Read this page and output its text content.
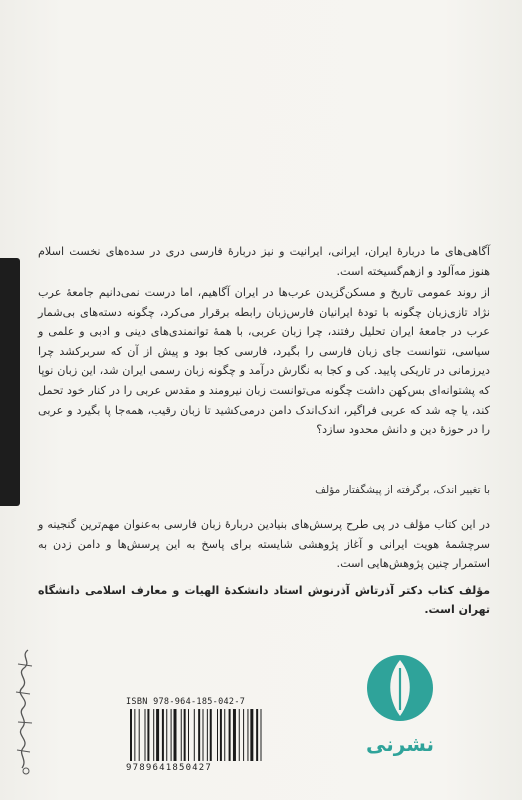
آگاهی‌های ما دربارهٔ ایران، ایرانی، ایرانیت و نیز دربارهٔ فارسی دری در سده‌های نخست اسلام هنوز مه‌آلود و ازهم‌گسیخته است.
از روند عمومی تاریخ و مسکن‌گزیدن عرب‌ها در ایران آگاهیم، اما درست نمی‌دانیم جامعهٔ عرب نژاد تازی‌زبان چگونه با تودهٔ ایرانیان فارس‌زبان رابطه برقرار می‌کرد، چگونه دسته‌های بی‌شمار عرب در جامعهٔ ایران تحلیل رفتند، چرا زبان عربی، با همهٔ توانمندی‌های دینی و ادبی و علمی و سیاسی، نتوانست جای زبان فارسی را بگیرد، فارسی کجا بود و پیش از آن که سربرکشد چرا دیرزمانی در تاریکی پایید. کی و کجا به نگارش درآمد و چگونه زبان رسمی ایران شد، این زبان نوپا که پشتوانه‌ای بس‌کهن داشت چگونه می‌توانست زبان نیرومند و مقدس عربی را در کنار خود تحمل کند، یا چه شد که عربی فراگیر، اندک‌اندک دامن درمی‌کشید تا زبان رقیب، همه‌جا پا بگیرد و عربی را در حوزهٔ دین و دانش محدود سازد؟
با تغییر اندک، برگرفته از پیشگفتار مؤلف
در این کتاب مؤلف در پی طرح پرسش‌های بنیادین دربارهٔ زبان فارسی به‌عنوان مهم‌ترین گنجینه و سرچشمهٔ هویت ایرانی و آغاز پژوهشی شایسته برای پاسخ به این پرسش‌ها و دامن زدن به استمرار چنین پژوهش‌هایی است.
مؤلف کتاب دکتر آذرتاش آذرنوش استاد دانشکدهٔ الهیات و معارف اسلامی دانشگاه تهران است.
ISBN 978-964-185-042-7
9789641850427
نشرنی
